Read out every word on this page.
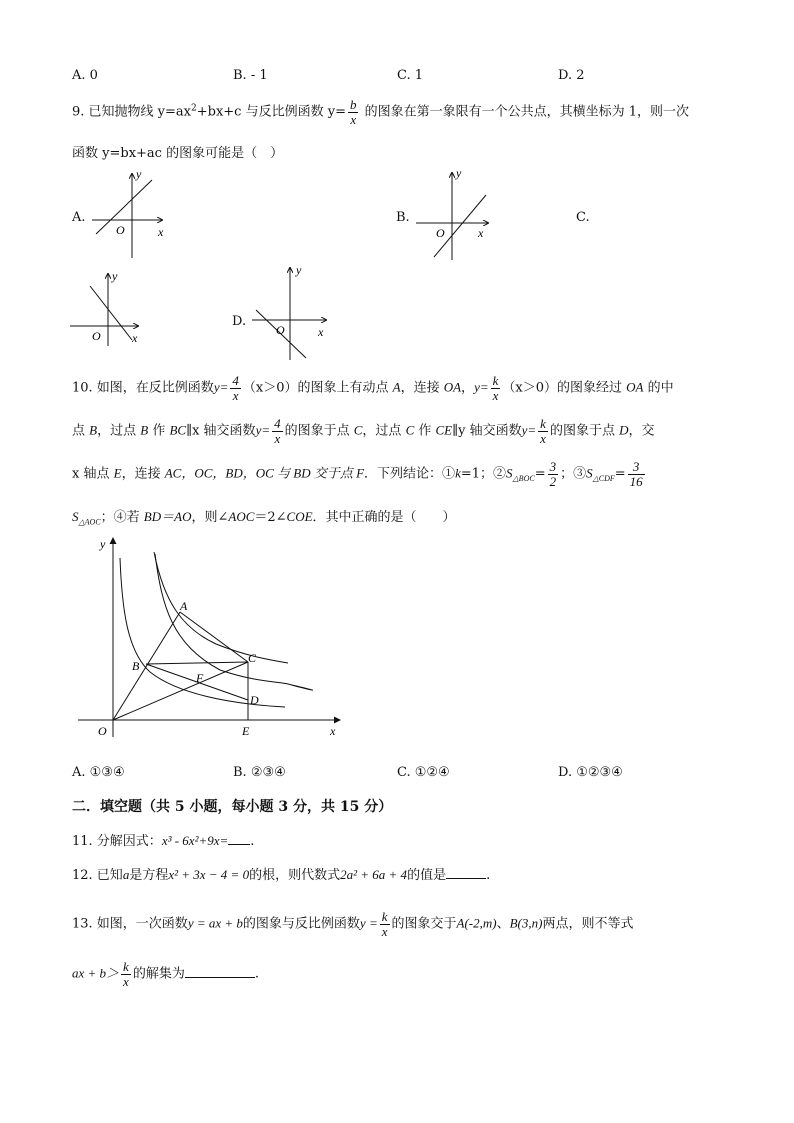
A. 0	B. - 1	C. 1	D. 2
9. 已知抛物线 $y=ax^2+bx+c$ 与反比例函数 $y= \frac{b}{x}$ 的图象在第一象限有一个公共点，其横坐标为 1，则一次
函数 y=bx+ac 的图象可能是（　）
A.
O	x
y
B.
O	x
y
C.
O	x
y
D.
O	x
y
10. 如图，在反比例函数$y= \frac{4}{x} (x>0)$的图象上有动点 A，连接 OA，$y= \frac{k}{x} (x>0)$的图象经过 OA 的中
点 B，过点 B 作 BC∥x 轴交函数$y= \frac{4}{x}$ 的图象于点 C，过点 C 作 CE∥y 轴交函数$y= \frac{k}{x}$ 的图象于点 D，交
x 轴点 E，连接 AC，OC，BD，OC 与 BD 交于点 F．下列结论：①k=1；$②S_{\triangle BOC}= \frac{3}{2}$ ；$③S_{\triangle CDF}= \frac{3}{16}$
$S_{\triangle AOC}$；④若 BD＝AO，则∠AOC＝2∠COE．其中正确的是（　　）
A
B
C
D
E
F
O	x
y
A. ①③④	B. ②③④	C. ①②④	D. ①②③④
二．填空题（共 5 小题，每小题 3 分，共 15 分）
11. 分解因式：x³ - 6x²+9x= .
12. 已知a是方程x² + 3x − 4 = 0的根，则代数式2a² + 6a + 4的值是	.
13. 如图，一次函数y = ax + b的图象与反比例函数$y = \frac{k}{x}$ 的图象交于A(-2,m)、B(3,n)两点，则不等式
ax + $b> \frac{k}{x}$ 的解集为	.
